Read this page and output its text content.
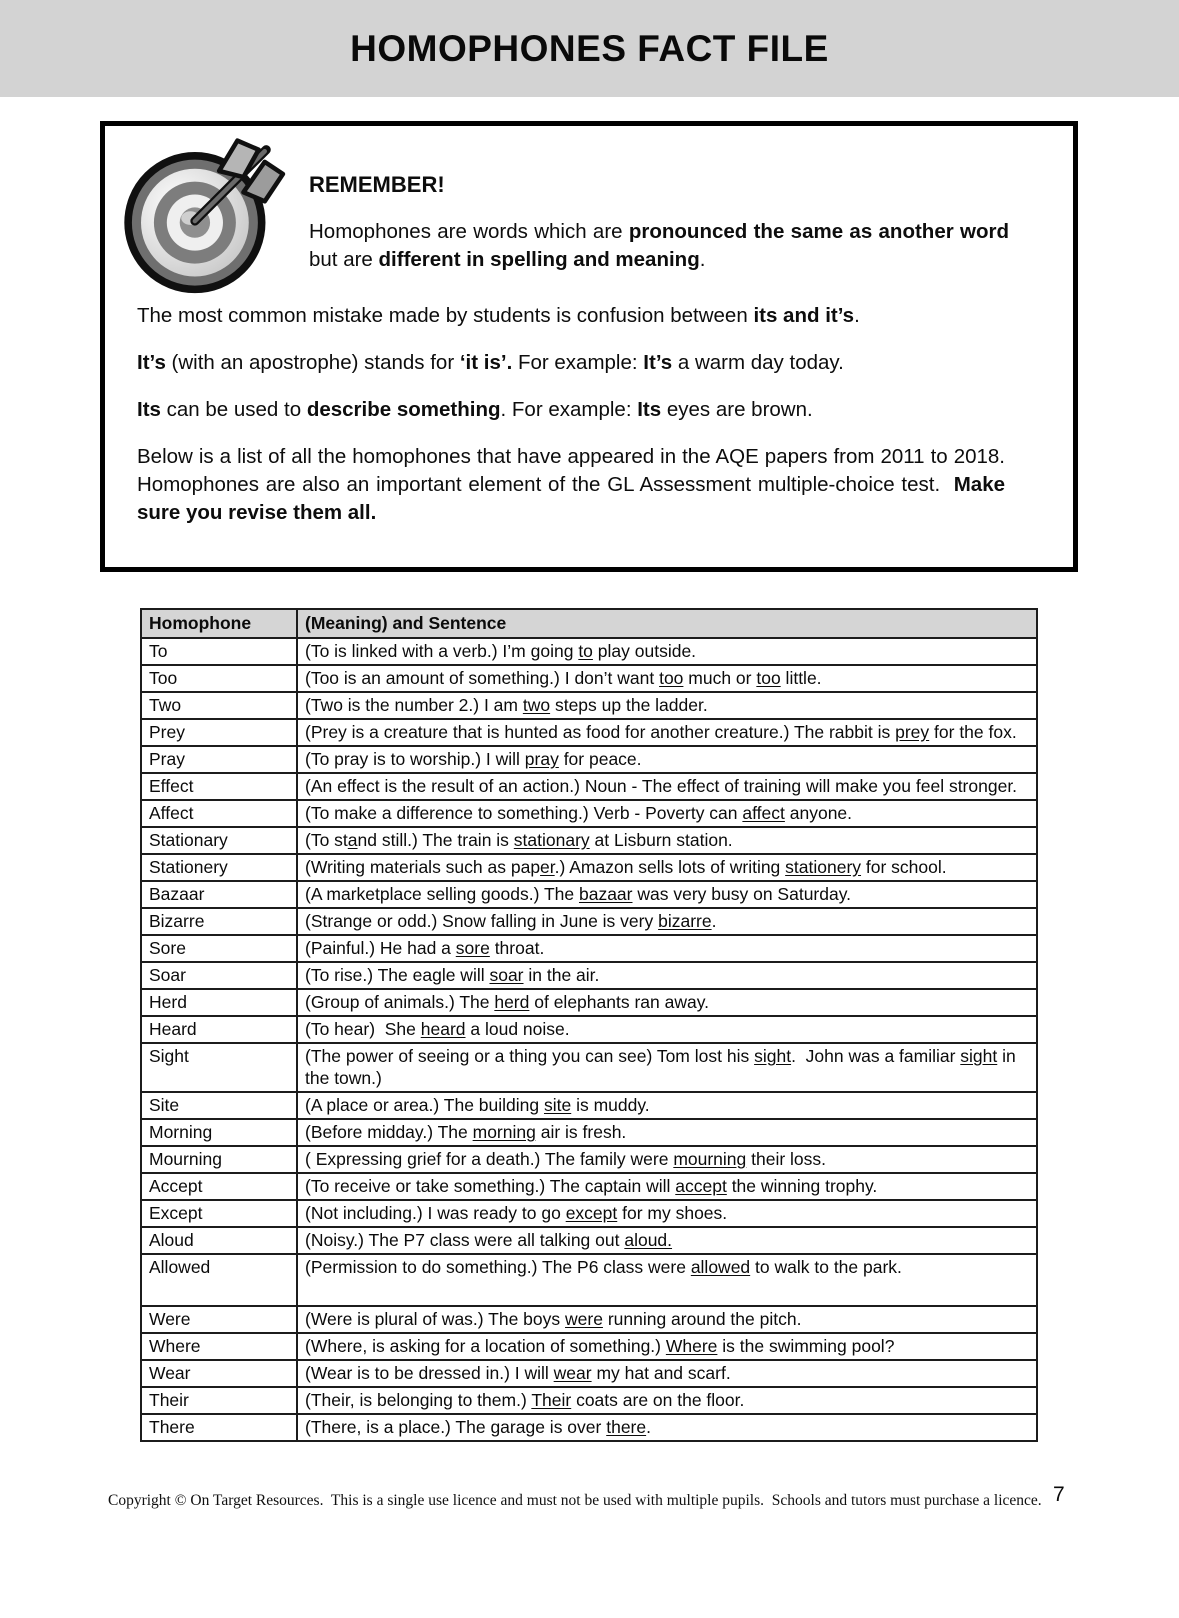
HOMOPHONES FACT FILE
REMEMBER!

Homophones are words which are pronounced the same as another word but are different in spelling and meaning.

The most common mistake made by students is confusion between its and it’s.

It’s (with an apostrophe) stands for ‘it is’. For example: It’s a warm day today.

Its can be used to describe something. For example: Its eyes are brown.

Below is a list of all the homophones that have appeared in the AQE papers from 2011 to 2018.  Homophones are also an important element of the GL Assessment multiple-choice test.  Make sure you revise them all.

Homophone	(Meaning) and Sentence
To	(To is linked with a verb.) I’m going to play outside.
Too	(Too is an amount of something.) I don’t want too much or too little.
Two	(Two is the number 2.) I am two steps up the ladder.
Prey	(Prey is a creature that is hunted as food for another creature.) The rabbit is prey for the fox.
Pray	(To pray is to worship.) I will pray for peace.
Effect	(An effect is the result of an action.) Noun - The effect of training will make you feel stronger.
Affect	(To make a difference to something.) Verb - Poverty can affect anyone.
Stationary	(To stand still.) The train is stationary at Lisburn station.
Stationery	(Writing materials such as paper.) Amazon sells lots of writing stationery for school.
Bazaar	(A marketplace selling goods.) The bazaar was very busy on Saturday.
Bizarre	(Strange or odd.) Snow falling in June is very bizarre.
Sore	(Painful.) He had a sore throat.
Soar	(To rise.) The eagle will soar in the air.
Herd	(Group of animals.) The herd of elephants ran away.
Heard	(To hear)  She heard a loud noise.
Sight	(The power of seeing or a thing you can see) Tom lost his sight.  John was a familiar sight in the town.)
Site	(A place or area.) The building site is muddy.
Morning	(Before midday.) The morning air is fresh.
Mourning	( Expressing grief for a death.) The family were mourning their loss.
Accept	(To receive or take something.) The captain will accept the winning trophy.
Except	(Not including.) I was ready to go except for my shoes.
Aloud	(Noisy.) The P7 class were all talking out aloud.
Allowed	(Permission to do something.) The P6 class were allowed to walk to the park.
Were	(Were is plural of was.) The boys were running around the pitch.
Where	(Where, is asking for a location of something.) Where is the swimming pool?
Wear	(Wear is to be dressed in.) I will wear my hat and scarf.
Their	(Their, is belonging to them.) Their coats are on the floor.
There	(There, is a place.) The garage is over there.
Copyright © On Target Resources.  This is a single use licence and must not be used with multiple pupils.  Schools and tutors must purchase a licence. 7
